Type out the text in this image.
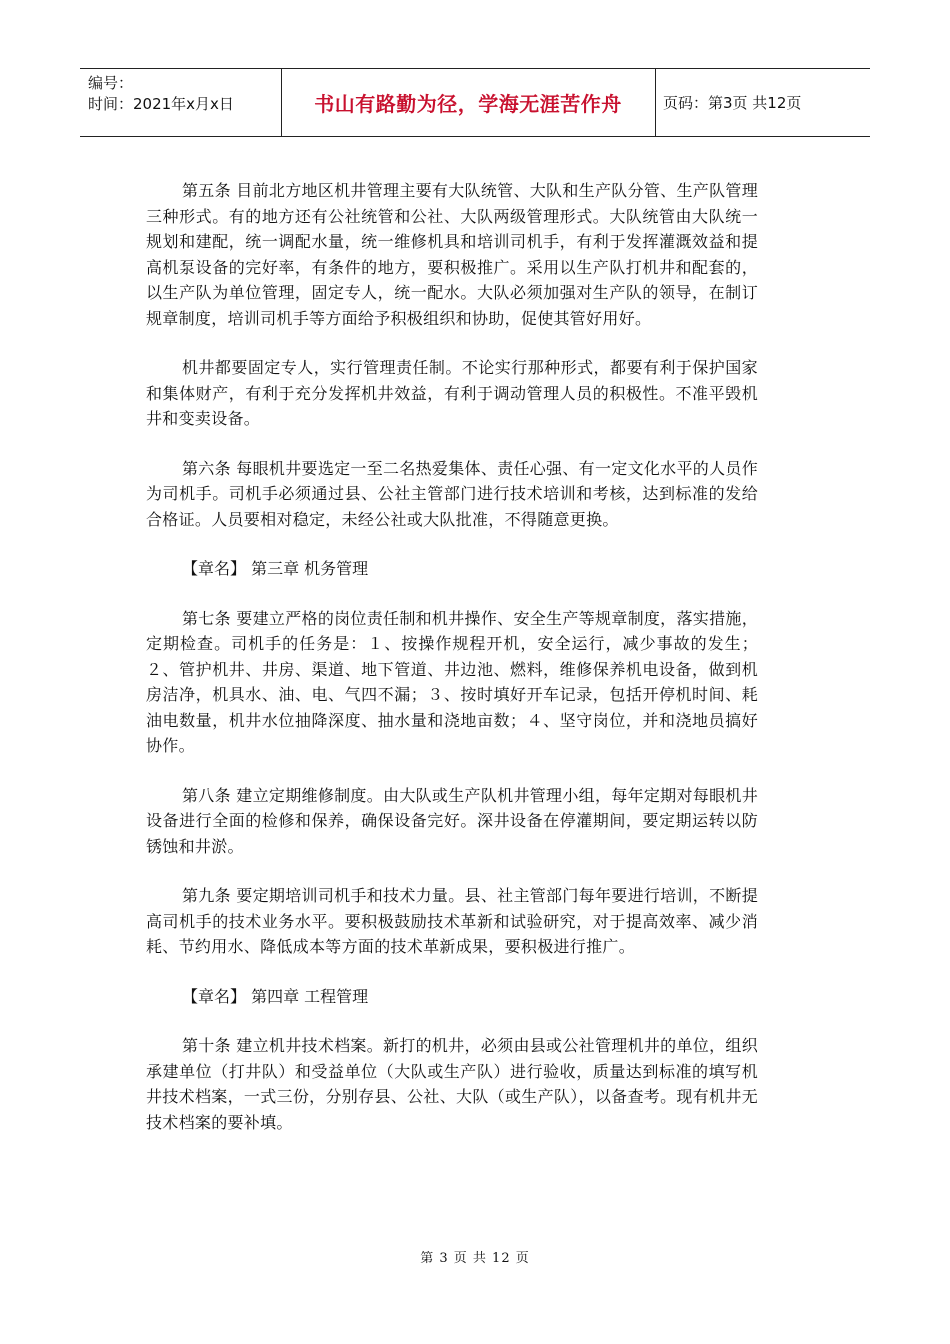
编号：
时间：2021年x月x日	书山有路勤为径，学海无涯苦作舟	页码：第3页 共12页

第五条 目前北方地区机井管理主要有大队统管、大队和生产队分管、生产队管理三种形式。有的地方还有公社统管和公社、大队两级管理形式。大队统管由大队统一规划和建配，统一调配水量，统一维修机具和培训司机手，有利于发挥灌溉效益和提高机泵设备的完好率，有条件的地方，要积极推广。采用以生产队打机井和配套的，以生产队为单位管理，固定专人，统一配水。大队必须加强对生产队的领导，在制订规章制度，培训司机手等方面给予积极组织和协助，促使其管好用好。

机井都要固定专人，实行管理责任制。不论实行那种形式，都要有利于保护国家和集体财产，有利于充分发挥机井效益，有利于调动管理人员的积极性。不准平毁机井和变卖设备。

第六条 每眼机井要选定一至二名热爱集体、责任心强、有一定文化水平的人员作为司机手。司机手必须通过县、公社主管部门进行技术培训和考核，达到标准的发给合格证。人员要相对稳定，未经公社或大队批准，不得随意更换。

【章名】 第三章 机务管理

第七条 要建立严格的岗位责任制和机井操作、安全生产等规章制度，落实措施，定期检查。司机手的任务是：１、按操作规程开机，安全运行，减少事故的发生；２、管护机井、井房、渠道、地下管道、井边池、燃料，维修保养机电设备，做到机房洁净，机具水、油、电、气四不漏；３、按时填好开车记录，包括开停机时间、耗油电数量，机井水位抽降深度、抽水量和浇地亩数；４、坚守岗位，并和浇地员搞好协作。

第八条 建立定期维修制度。由大队或生产队机井管理小组，每年定期对每眼机井设备进行全面的检修和保养，确保设备完好。深井设备在停灌期间，要定期运转以防锈蚀和井淤。

第九条 要定期培训司机手和技术力量。县、社主管部门每年要进行培训，不断提高司机手的技术业务水平。要积极鼓励技术革新和试验研究，对于提高效率、减少消耗、节约用水、降低成本等方面的技术革新成果，要积极进行推广。

【章名】 第四章 工程管理

第十条 建立机井技术档案。新打的机井，必须由县或公社管理机井的单位，组织承建单位（打井队）和受益单位（大队或生产队）进行验收，质量达到标准的填写机井技术档案，一式三份，分别存县、公社、大队（或生产队），以备查考。现有机井无技术档案的要补填。

第 3 页 共 12 页
